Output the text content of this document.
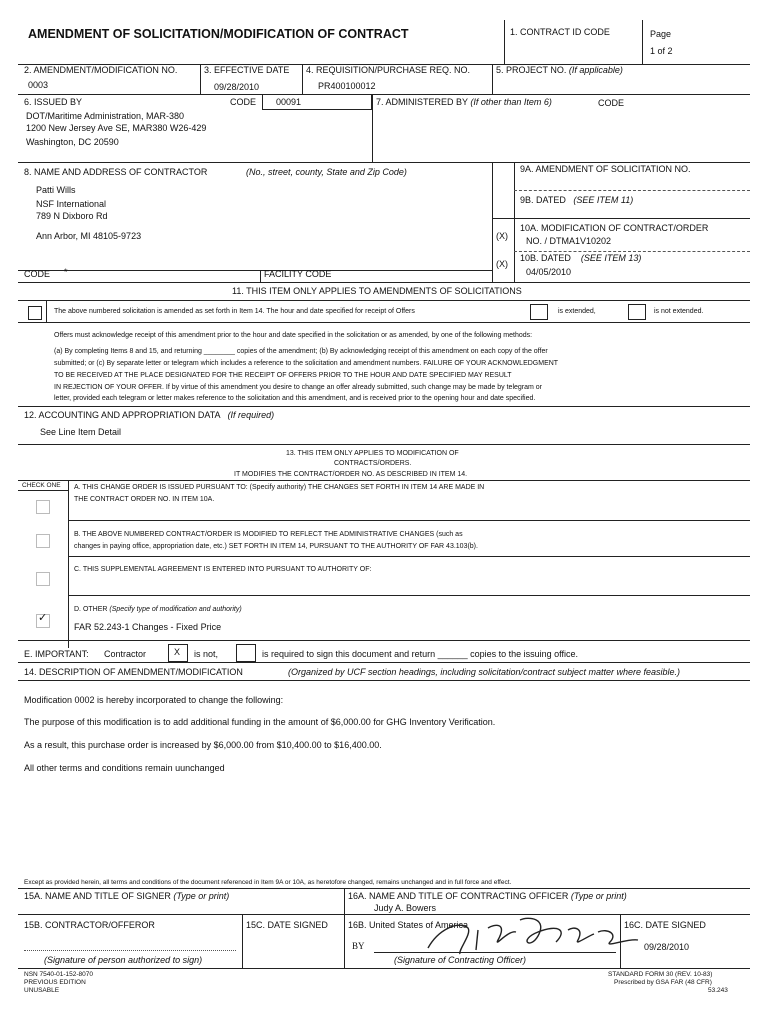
AMENDMENT OF SOLICITATION/MODIFICATION OF CONTRACT	1. CONTRACT ID CODE	Page
1 of 2
2. AMENDMENT/MODIFICATION NO.	3. EFFECTIVE DATE 4. REQUISITION/PURCHASE REQ. NO.	5. PROJECT NO. (If applicable)
0003	09/28/2010	PR400100012
6. ISSUED BY	CODE 00091	7. ADMINISTERED BY (If other than Item 6)	CODE
DOT/Maritime Administration, MAR-380
1200 New Jersey Ave SE, MAR380 W26-429
Washington, DC 20590
8. NAME AND ADDRESS OF CONTRACTOR	(No., street, county, State and Zip Code)
Patti Wills
NSF International
789 N Dixboro Rd
Ann Arbor, MI 48105-9723
9A. AMENDMENT OF SOLICITATION NO.
9B. DATED (SEE ITEM 11)
10A. MODIFICATION OF CONTRACT/ORDER
(X) NO. / DTMA1V10202
10B. DATED (SEE ITEM 13)
(X)
04/05/2010
CODE *	FACILITY CODE
11. THIS ITEM ONLY APPLIES TO AMENDMENTS OF SOLICITATIONS
The above numbered solicitation is amended as set forth in Item 14. The hour and date specified for receipt of Offers	is extended,	is not extended.
Offers must acknowledge receipt of this amendment prior to the hour and date specified in the solicitation or as amended, by one of the following methods:
(a) By completing Items 8 and 15, and returning ________ copies of the amendment; (b) By acknowledging receipt of this amendment on each copy of the offer
submitted; or (c) By separate letter or telegram which includes a reference to the solicitation and amendment numbers. FAILURE OF YOUR ACKNOWLEDGMENT
TO BE RECEIVED AT THE PLACE DESIGNATED FOR THE RECEIPT OF OFFERS PRIOR TO THE HOUR AND DATE SPECIFIED MAY RESULT
IN REJECTION OF YOUR OFFER. If by virtue of this amendment you desire to change an offer already submitted, such change may be made by telegram or
letter, provided each telegram or letter makes reference to the solicitation and this amendment, and is received prior to the opening hour and date specified.
12. ACCOUNTING AND APPROPRIATION DATA (If required)
See Line Item Detail
13. THIS ITEM ONLY APPLIES TO MODIFICATION OF
CONTRACTS/ORDERS.
IT MODIFIES THE CONTRACT/ORDER NO. AS DESCRIBED IN ITEM 14.
CHECK ONE A. THIS CHANGE ORDER IS ISSUED PURSUANT TO: (Specify authority) THE CHANGES SET FORTH IN ITEM 14 ARE MADE IN
THE CONTRACT ORDER NO. IN ITEM 10A.
B. THE ABOVE NUMBERED CONTRACT/ORDER IS MODIFIED TO REFLECT THE ADMINISTRATIVE CHANGES (such as
changes in paying office, appropriation date, etc.) SET FORTH IN ITEM 14, PURSUANT TO THE AUTHORITY OF FAR 43.103(b).
C. THIS SUPPLEMENTAL AGREEMENT IS ENTERED INTO PURSUANT TO AUTHORITY OF:
D. OTHER (Specify type of modification and authority)
FAR 52.243-1 Changes - Fixed Price
✓
E. IMPORTANT: Contractor	X is not,	is required to sign this document and return ______ copies to the issuing office.
14. DESCRIPTION OF AMENDMENT/MODIFICATION	(Organized by UCF section headings, including solicitation/contract subject matter where feasible.)
Modification 0002 is hereby incorporated to change the following:
The purpose of this modification is to add additional funding in the amount of $6,000.00 for GHG Inventory Verification.
As a result, this purchase order is increased by $6,000.00 from $10,400.00 to $16,400.00.
All other terms and conditions remain uunchanged
Except as provided herein, all terms and conditions of the document referenced in Item 9A or 10A, as heretofore changed, remains unchanged and in full force and effect.
15A. NAME AND TITLE OF SIGNER (Type or print)	16A. NAME AND TITLE OF CONTRACTING OFFICER (Type or print)
Judy A. Bowers
15B. CONTRACTOR/OFFEROR	15C. DATE SIGNED 16B. United States of America	16C. DATE SIGNED
09/28/2010
(Signature of person authorized to sign)
BY
(Signature of Contracting Officer)
NSN 7540-01-152-8070
PREVIOUS EDITION
UNUSABLE
STANDARD FORM 30 (REV. 10-83)
Prescribed by GSA FAR (48 CFR)
53.243
